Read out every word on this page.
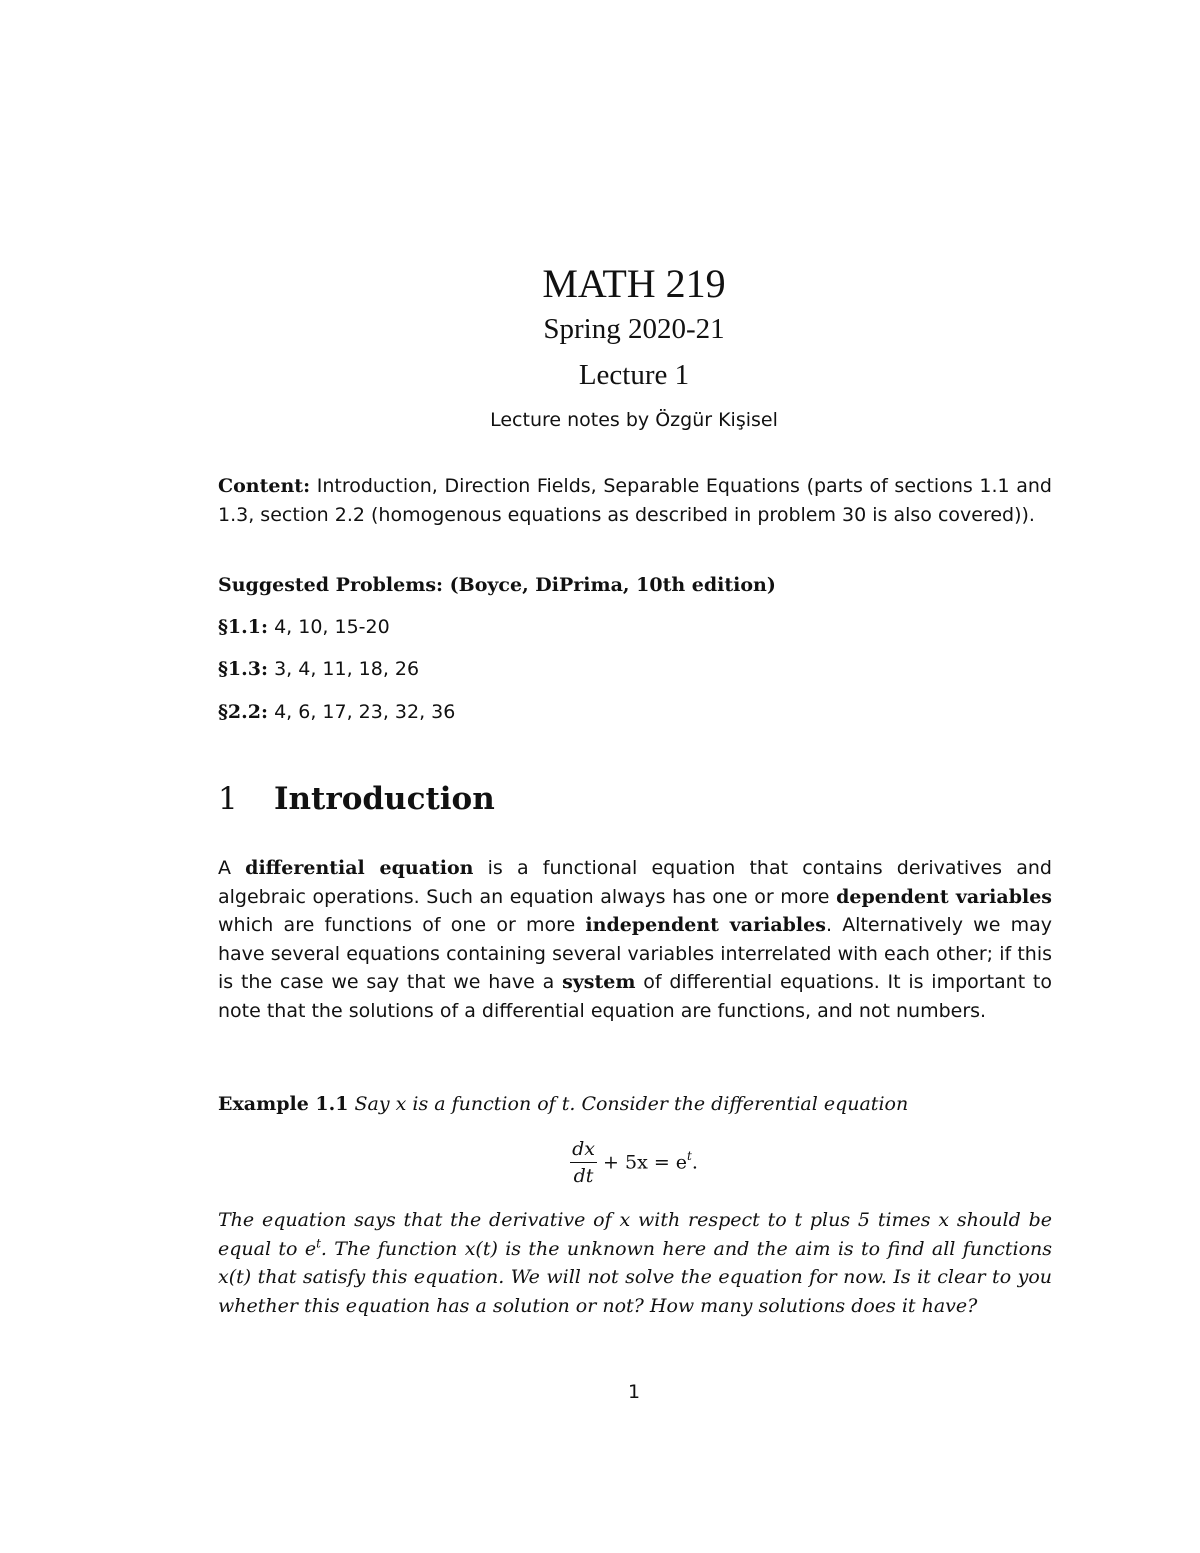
MATH 219
Spring 2020-21
Lecture 1
Lecture notes by Özgür Kişisel
Content: Introduction, Direction Fields, Separable Equations (parts of sections 1.1 and 1.3, section 2.2 (homogenous equations as described in problem 30 is also covered)).
Suggested Problems: (Boyce, DiPrima, 10th edition)
§1.1: 4, 10, 15-20
§1.3: 3, 4, 11, 18, 26
§2.2: 4, 6, 17, 23, 32, 36
1 Introduction
A differential equation is a functional equation that contains derivatives and algebraic operations. Such an equation always has one or more dependent variables which are functions of one or more independent variables. Alternatively we may have several equations containing several variables interrelated with each other; if this is the case we say that we have a system of differential equations. It is important to note that the solutions of a differential equation are functions, and not numbers.
Example 1.1 Say x is a function of t. Consider the differential equation
$\frac{dx}{dt} + 5x = e^t$.
The equation says that the derivative of x with respect to t plus 5 times x should be equal to $e^t$. The function x(t) is the unknown here and the aim is to find all functions x(t) that satisfy this equation. We will not solve the equation for now. Is it clear to you whether this equation has a solution or not? How many solutions does it have?
1
